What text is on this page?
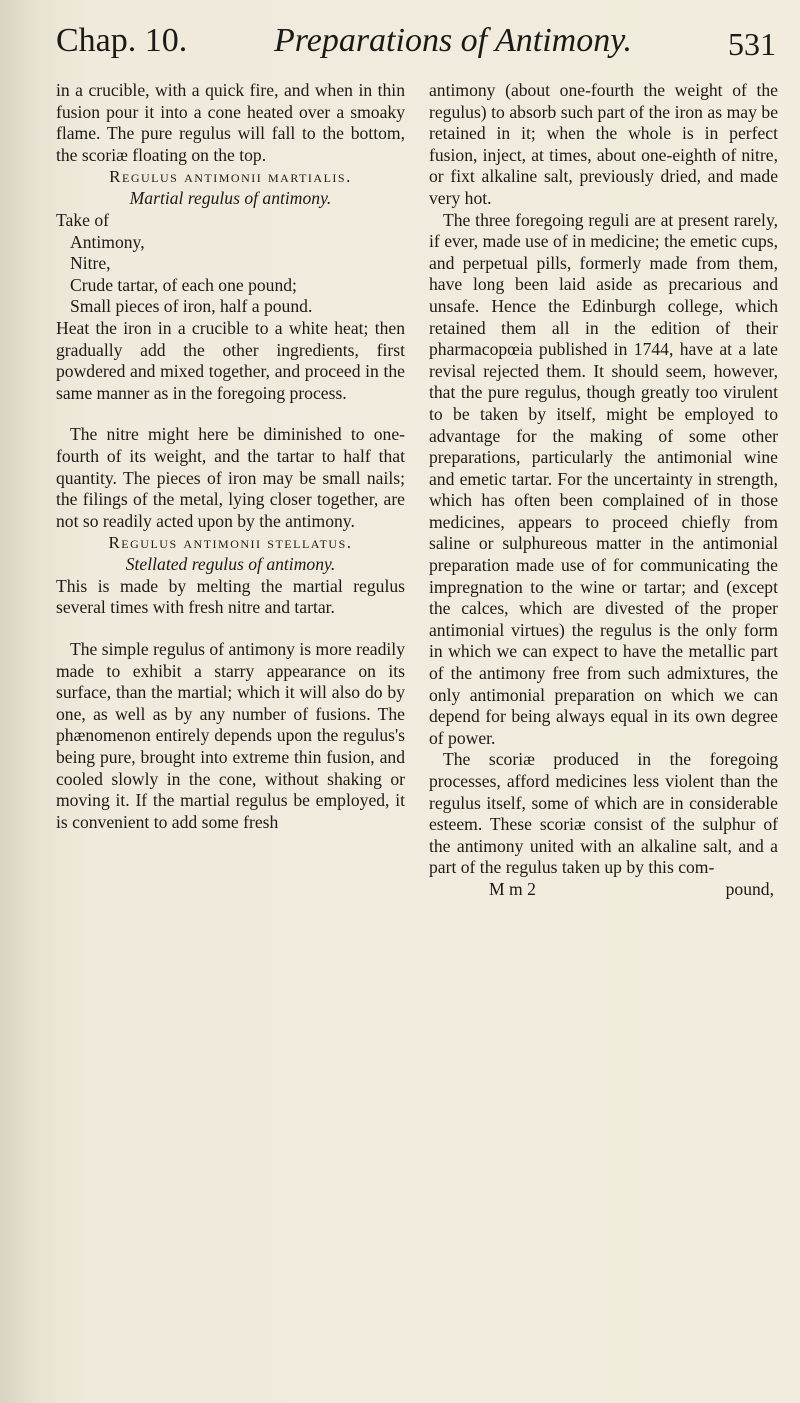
Chap. 10.	Preparations of Antimony.	531

in a crucible, with a quick fire, and when in thin fusion pour it into a cone heated over a smoaky flame. The pure regulus will fall to the bottom, the scoriæ floating on the top.

Regulus antimonii martialis.

Martial regulus of antimony.

Take of
Antimony,
Nitre,
Crude tartar, of each one pound;
Small pieces of iron, half a pound.

Heat the iron in a crucible to a white heat; then gradually add the other ingredients, first powdered and mixed together, and proceed in the same manner as in the foregoing process.

The nitre might here be diminished to one-fourth of its weight, and the tartar to half that quantity. The pieces of iron may be small nails; the filings of the metal, lying closer together, are not so readily acted upon by the antimony.

Regulus antimonii stellatus.

Stellated regulus of antimony.

This is made by melting the martial regulus several times with fresh nitre and tartar.

The simple regulus of antimony is more readily made to exhibit a starry appearance on its surface, than the martial; which it will also do by one, as well as by any number of fusions. The phænomenon entirely depends upon the regulus's being pure, brought into extreme thin fusion, and cooled slowly in the cone, without shaking or moving it. If the martial regulus be employed, it is convenient to add some fresh

antimony (about one-fourth the weight of the regulus) to absorb such part of the iron as may be retained in it; when the whole is in perfect fusion, inject, at times, about one-eighth of nitre, or fixt alkaline salt, previously dried, and made very hot.

The three foregoing reguli are at present rarely, if ever, made use of in medicine; the emetic cups, and perpetual pills, formerly made from them, have long been laid aside as precarious and unsafe. Hence the Edinburgh college, which retained them all in the edition of their pharmacopœia published in 1744, have at a late revisal rejected them. It should seem, however, that the pure regulus, though greatly too virulent to be taken by itself, might be employed to advantage for the making of some other preparations, particularly the antimonial wine and emetic tartar. For the uncertainty in strength, which has often been complained of in those medicines, appears to proceed chiefly from saline or sulphureous matter in the antimonial preparation made use of for communicating the impregnation to the wine or tartar; and (except the calces, which are divested of the proper antimonial virtues) the regulus is the only form in which we can expect to have the metallic part of the antimony free from such admixtures, the only antimonial preparation on which we can depend for being always equal in its own degree of power.

The scoriæ produced in the foregoing processes, afford medicines less violent than the regulus itself, some of which are in considerable esteem. These scoriæ consist of the sulphur of the antimony united with an alkaline salt, and a part of the regulus taken up by this com-

M m 2	pound,
